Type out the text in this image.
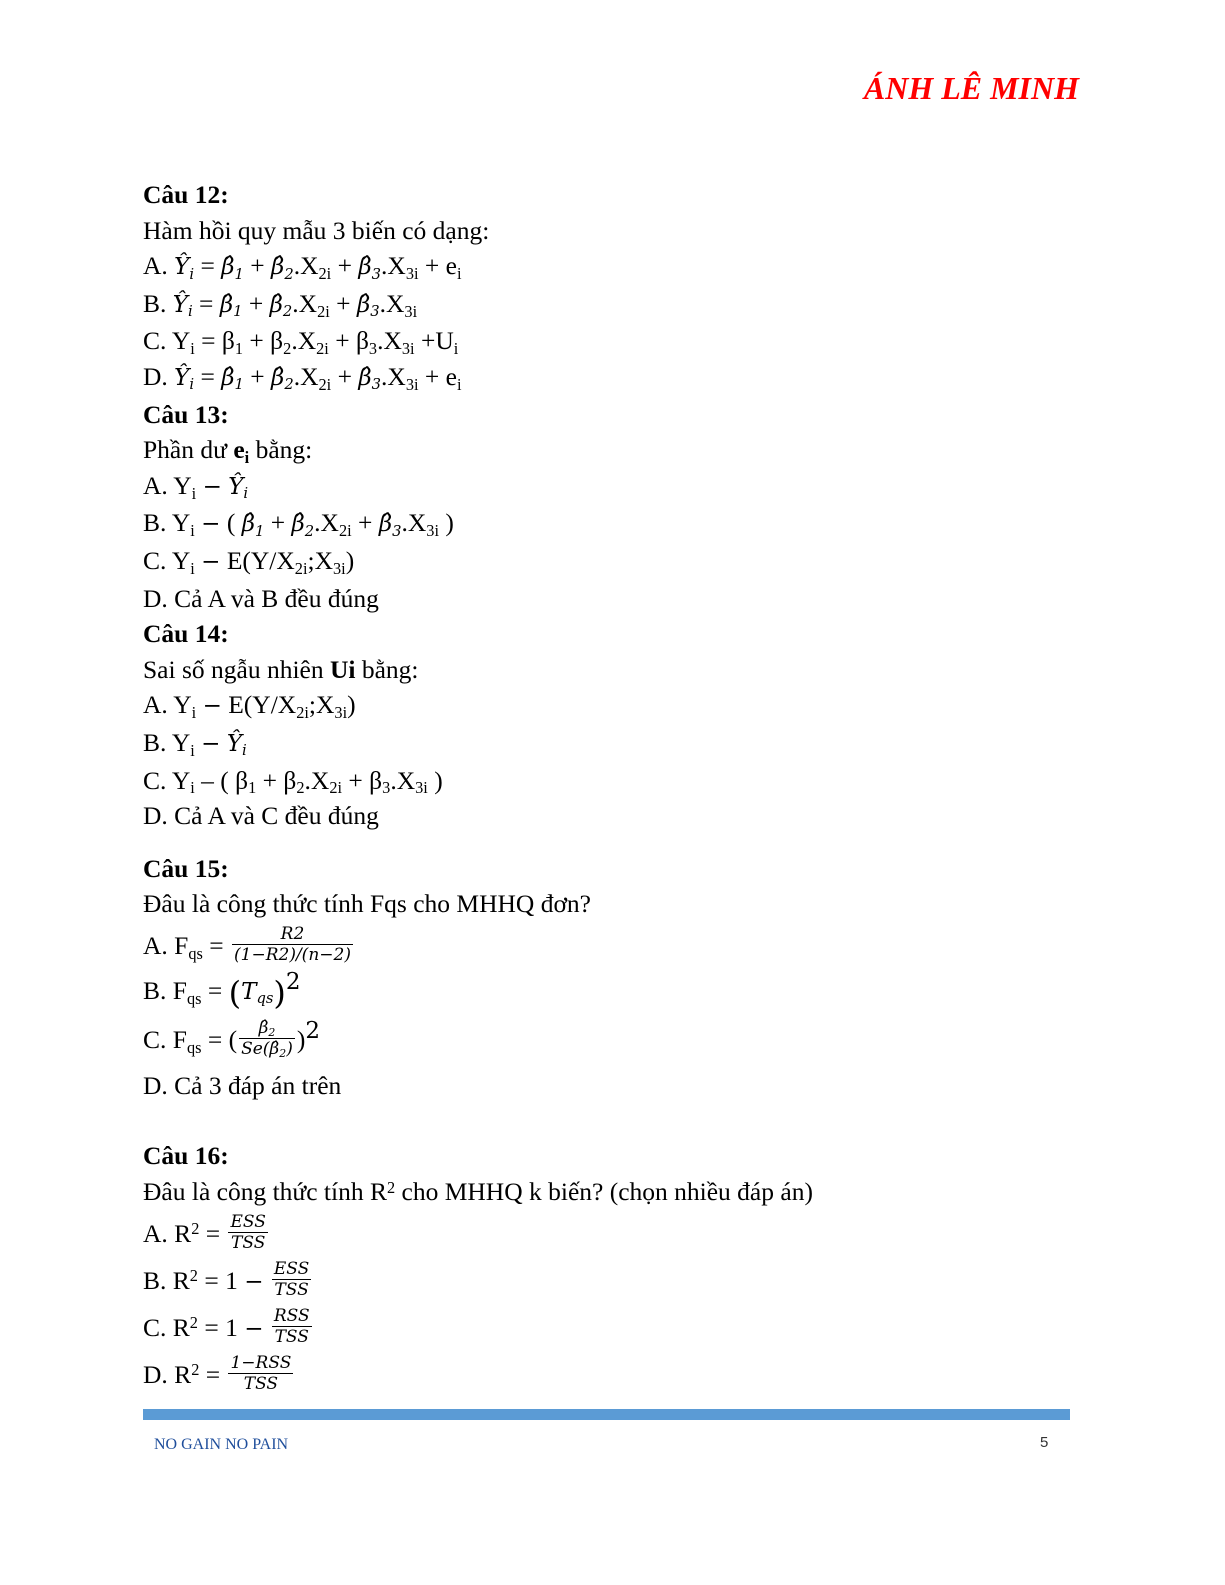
ÁNH LÊ MINH
Câu 12:
Hàm hồi quy mẫu 3 biến có dạng:
A. $Ŷ_i$ = $\betâ_1$ + $\betâ_2.X_{2i}$ + $\betâ_3.X_{3i} + e_i$
B. $Ŷ_i$ = $\betâ_1$ + $\betâ_2.X_{2i}$ + $\betâ_3.X_{3i}$
C. $Y_i = \beta_1 + \beta_2.X_{2i} + \beta_3.X_{3i} +U_i$
D. $Ŷ_i$ = $\betâ_1$ + $\betâ_2.X_{2i}$ + $\betâ_3.X_{3i} + e_i$
Câu 13:
Phần dư $e_i$ bằng:
A. $Y_i$ − $Ŷ_i$
B. $Y_i$ − ( $\betâ_1$ + $\betâ_2.X_{2i}$ + $\betâ_3.X_{3i}$ )
C. $Y_i$ − $E(Y/X_{2i};X_{3i})$
D. Cả A và B đều đúng
Câu 14:
Sai số ngẫu nhiên Ui bằng:
A. $Y_i$ − $E(Y/X_{2i};X_{3i})$
B. $Y_i$ − $Ŷ_i$
C. $Y_i$ – ( $\beta_1 + \beta_2.X_{2i} + \beta_3.X_{3i}$ )
D. Cả A và C đều đúng
Câu 15:
Đâu là công thức tính Fqs cho MHHQ đơn?
A. $F_{qs} = \frac{R2}{(1-R2)/(n-2)}$
B. $F_{qs} = (T_{qs})^2$
C. $F_{qs}$ = ( $\frac{\betâ_2}{Se(\betâ_2)} )^2$
D. Cả 3 đáp án trên
Câu 16:
Đâu là công thức tính $R^2$ cho MHHQ k biến? (chọn nhiều đáp án)
A. $R^2 = \frac{\text{ESS}}{\text{TSS}}$
B. $R^2 = 1 - \frac{\text{ESS}}{\text{TSS}}$
C. $R^2 = 1 - \frac{\text{RSS}}{\text{TSS}}$
D. $R^2 = \frac{\text{1−RSS}}{\text{TSS}}$
NO GAIN NO PAIN	5
